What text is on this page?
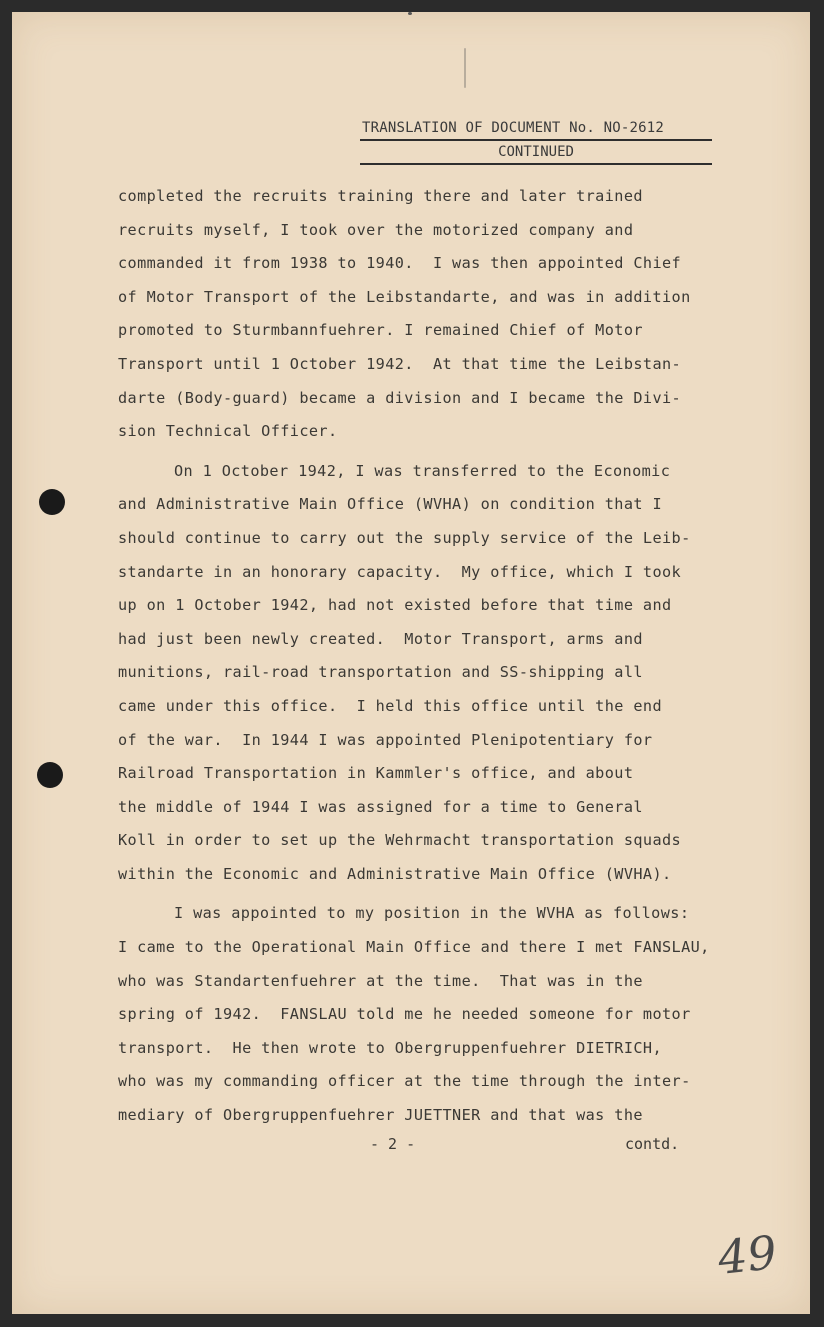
TRANSLATION OF DOCUMENT No. NO-2612
CONTINUED
completed the recruits training there and later trained
recruits myself, I took over the motorized company and
commanded it from 1938 to 1940.  I was then appointed Chief
of Motor Transport of the Leibstandarte, and was in addition
promoted to Sturmbannfuehrer. I remained Chief of Motor
Transport until 1 October 1942.  At that time the Leibstan-
darte (Body-guard) became a division and I became the Divi-
sion Technical Officer.
On 1 October 1942, I was transferred to the Economic
and Administrative Main Office (WVHA) on condition that I
should continue to carry out the supply service of the Leib-
standarte in an honorary capacity.  My office, which I took
up on 1 October 1942, had not existed before that time and
had just been newly created.  Motor Transport, arms and
munitions, rail-road transportation and SS-shipping all
came under this office.  I held this office until the end
of the war.  In 1944 I was appointed Plenipotentiary for
Railroad Transportation in Kammler's office, and about
the middle of 1944 I was assigned for a time to General
Koll in order to set up the Wehrmacht transportation squads
within the Economic and Administrative Main Office (WVHA).
I was appointed to my position in the WVHA as follows:
I came to the Operational Main Office and there I met FANSLAU,
who was Standartenfuehrer at the time.  That was in the
spring of 1942.  FANSLAU told me he needed someone for motor
transport.  He then wrote to Obergruppenfuehrer DIETRICH,
who was my commanding officer at the time through the inter-
mediary of Obergruppenfuehrer JUETTNER and that was the
- 2 -	contd.
49
